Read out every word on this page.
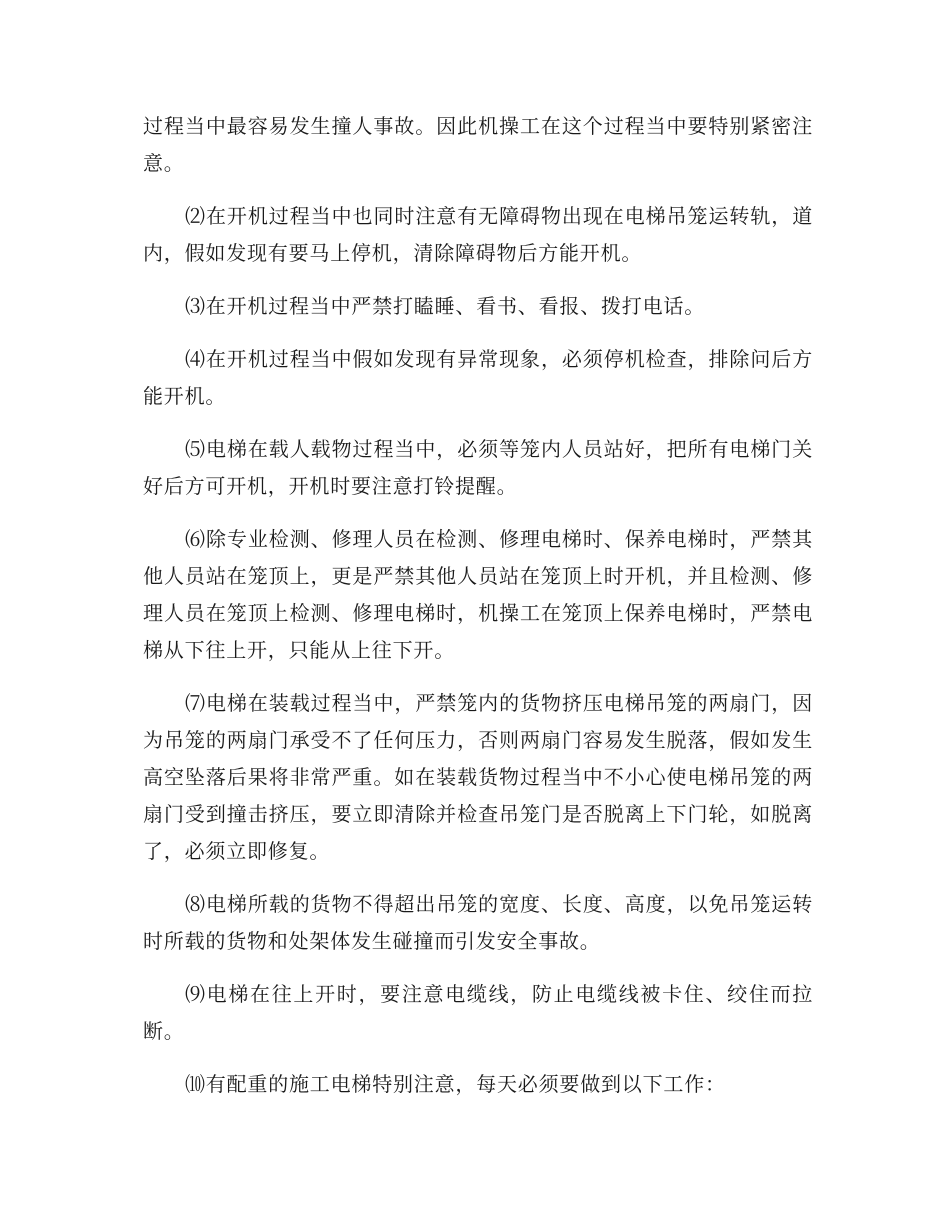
过程当中最容易发生撞人事故。因此机操工在这个过程当中要特别紧密注意。

⑵在开机过程当中也同时注意有无障碍物出现在电梯吊笼运转轨，道内，假如发现有要马上停机，清除障碍物后方能开机。

⑶在开机过程当中严禁打瞌睡、看书、看报、拨打电话。

⑷在开机过程当中假如发现有异常现象，必须停机检查，排除问后方能开机。

⑸电梯在载人载物过程当中，必须等笼内人员站好，把所有电梯门关好后方可开机，开机时要注意打铃提醒。

⑹除专业检测、修理人员在检测、修理电梯时、保养电梯时，严禁其他人员站在笼顶上，更是严禁其他人员站在笼顶上时开机，并且检测、修理人员在笼顶上检测、修理电梯时，机操工在笼顶上保养电梯时，严禁电梯从下往上开，只能从上往下开。

⑺电梯在装载过程当中，严禁笼内的货物挤压电梯吊笼的两扇门，因为吊笼的两扇门承受不了任何压力，否则两扇门容易发生脱落，假如发生高空坠落后果将非常严重。如在装载货物过程当中不小心使电梯吊笼的两扇门受到撞击挤压，要立即清除并检查吊笼门是否脱离上下门轮，如脱离了，必须立即修复。

⑻电梯所载的货物不得超出吊笼的宽度、长度、高度，以免吊笼运转时所载的货物和处架体发生碰撞而引发安全事故。

⑼电梯在往上开时，要注意电缆线，防止电缆线被卡住、绞住而拉断。

⑽有配重的施工电梯特别注意，每天必须要做到以下工作：
